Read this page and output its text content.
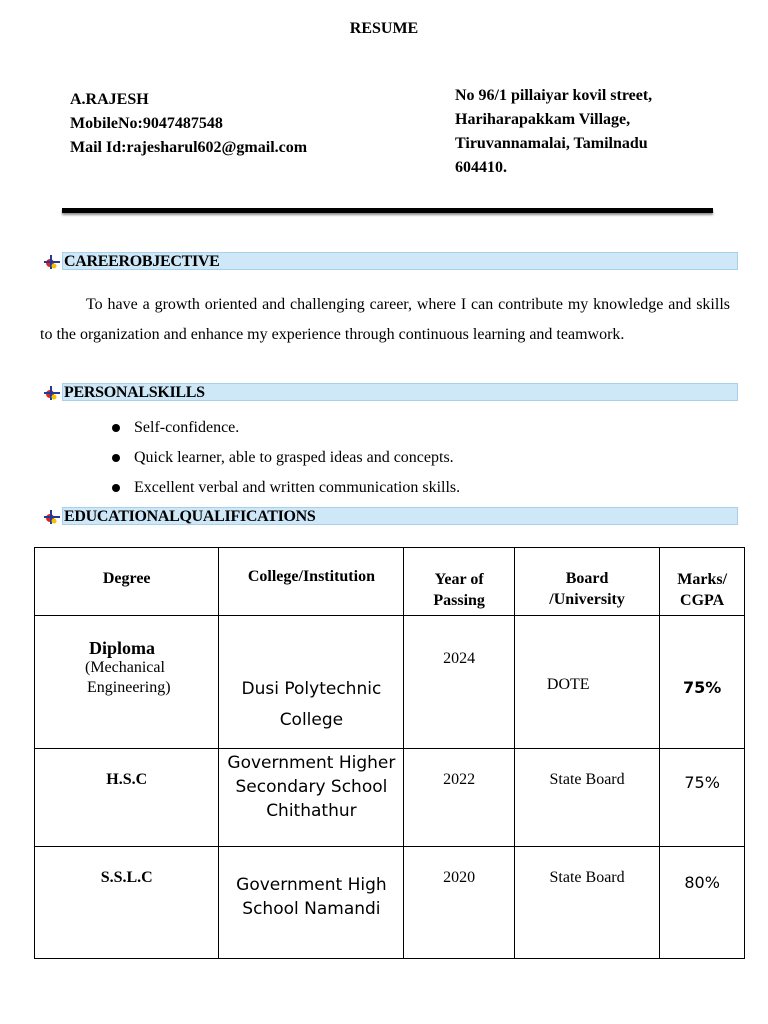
RESUME
A.RAJESH
MobileNo:9047487548
Mail Id:rajesharul602@gmail.com
No 96/1 pillaiyar kovil street,
Hariharapakkam Village,
Tiruvannamalai, Tamilnadu
604410.
CAREEROBJECTIVE
To have a growth oriented and challenging career, where I can contribute my knowledge and skills to the organization and enhance my experience through continuous learning and teamwork.
PERSONALSKILLS
Self-confidence.
Quick learner, able to grasped ideas and concepts.
Excellent verbal and written communication skills.
EDUCATIONALQUALIFICATIONS
Degree	College/Institution	Year of Passing	Board /University	Marks/ CGPA

Diploma
(Mechanical
Engineering)	Dusi Polytechnic College	2024	DOTE	75%
H.S.C	Government Higher Secondary School Chithathur	2022	State Board	75%
S.S.L.C	Government High School Namandi	2020	State Board	80%
